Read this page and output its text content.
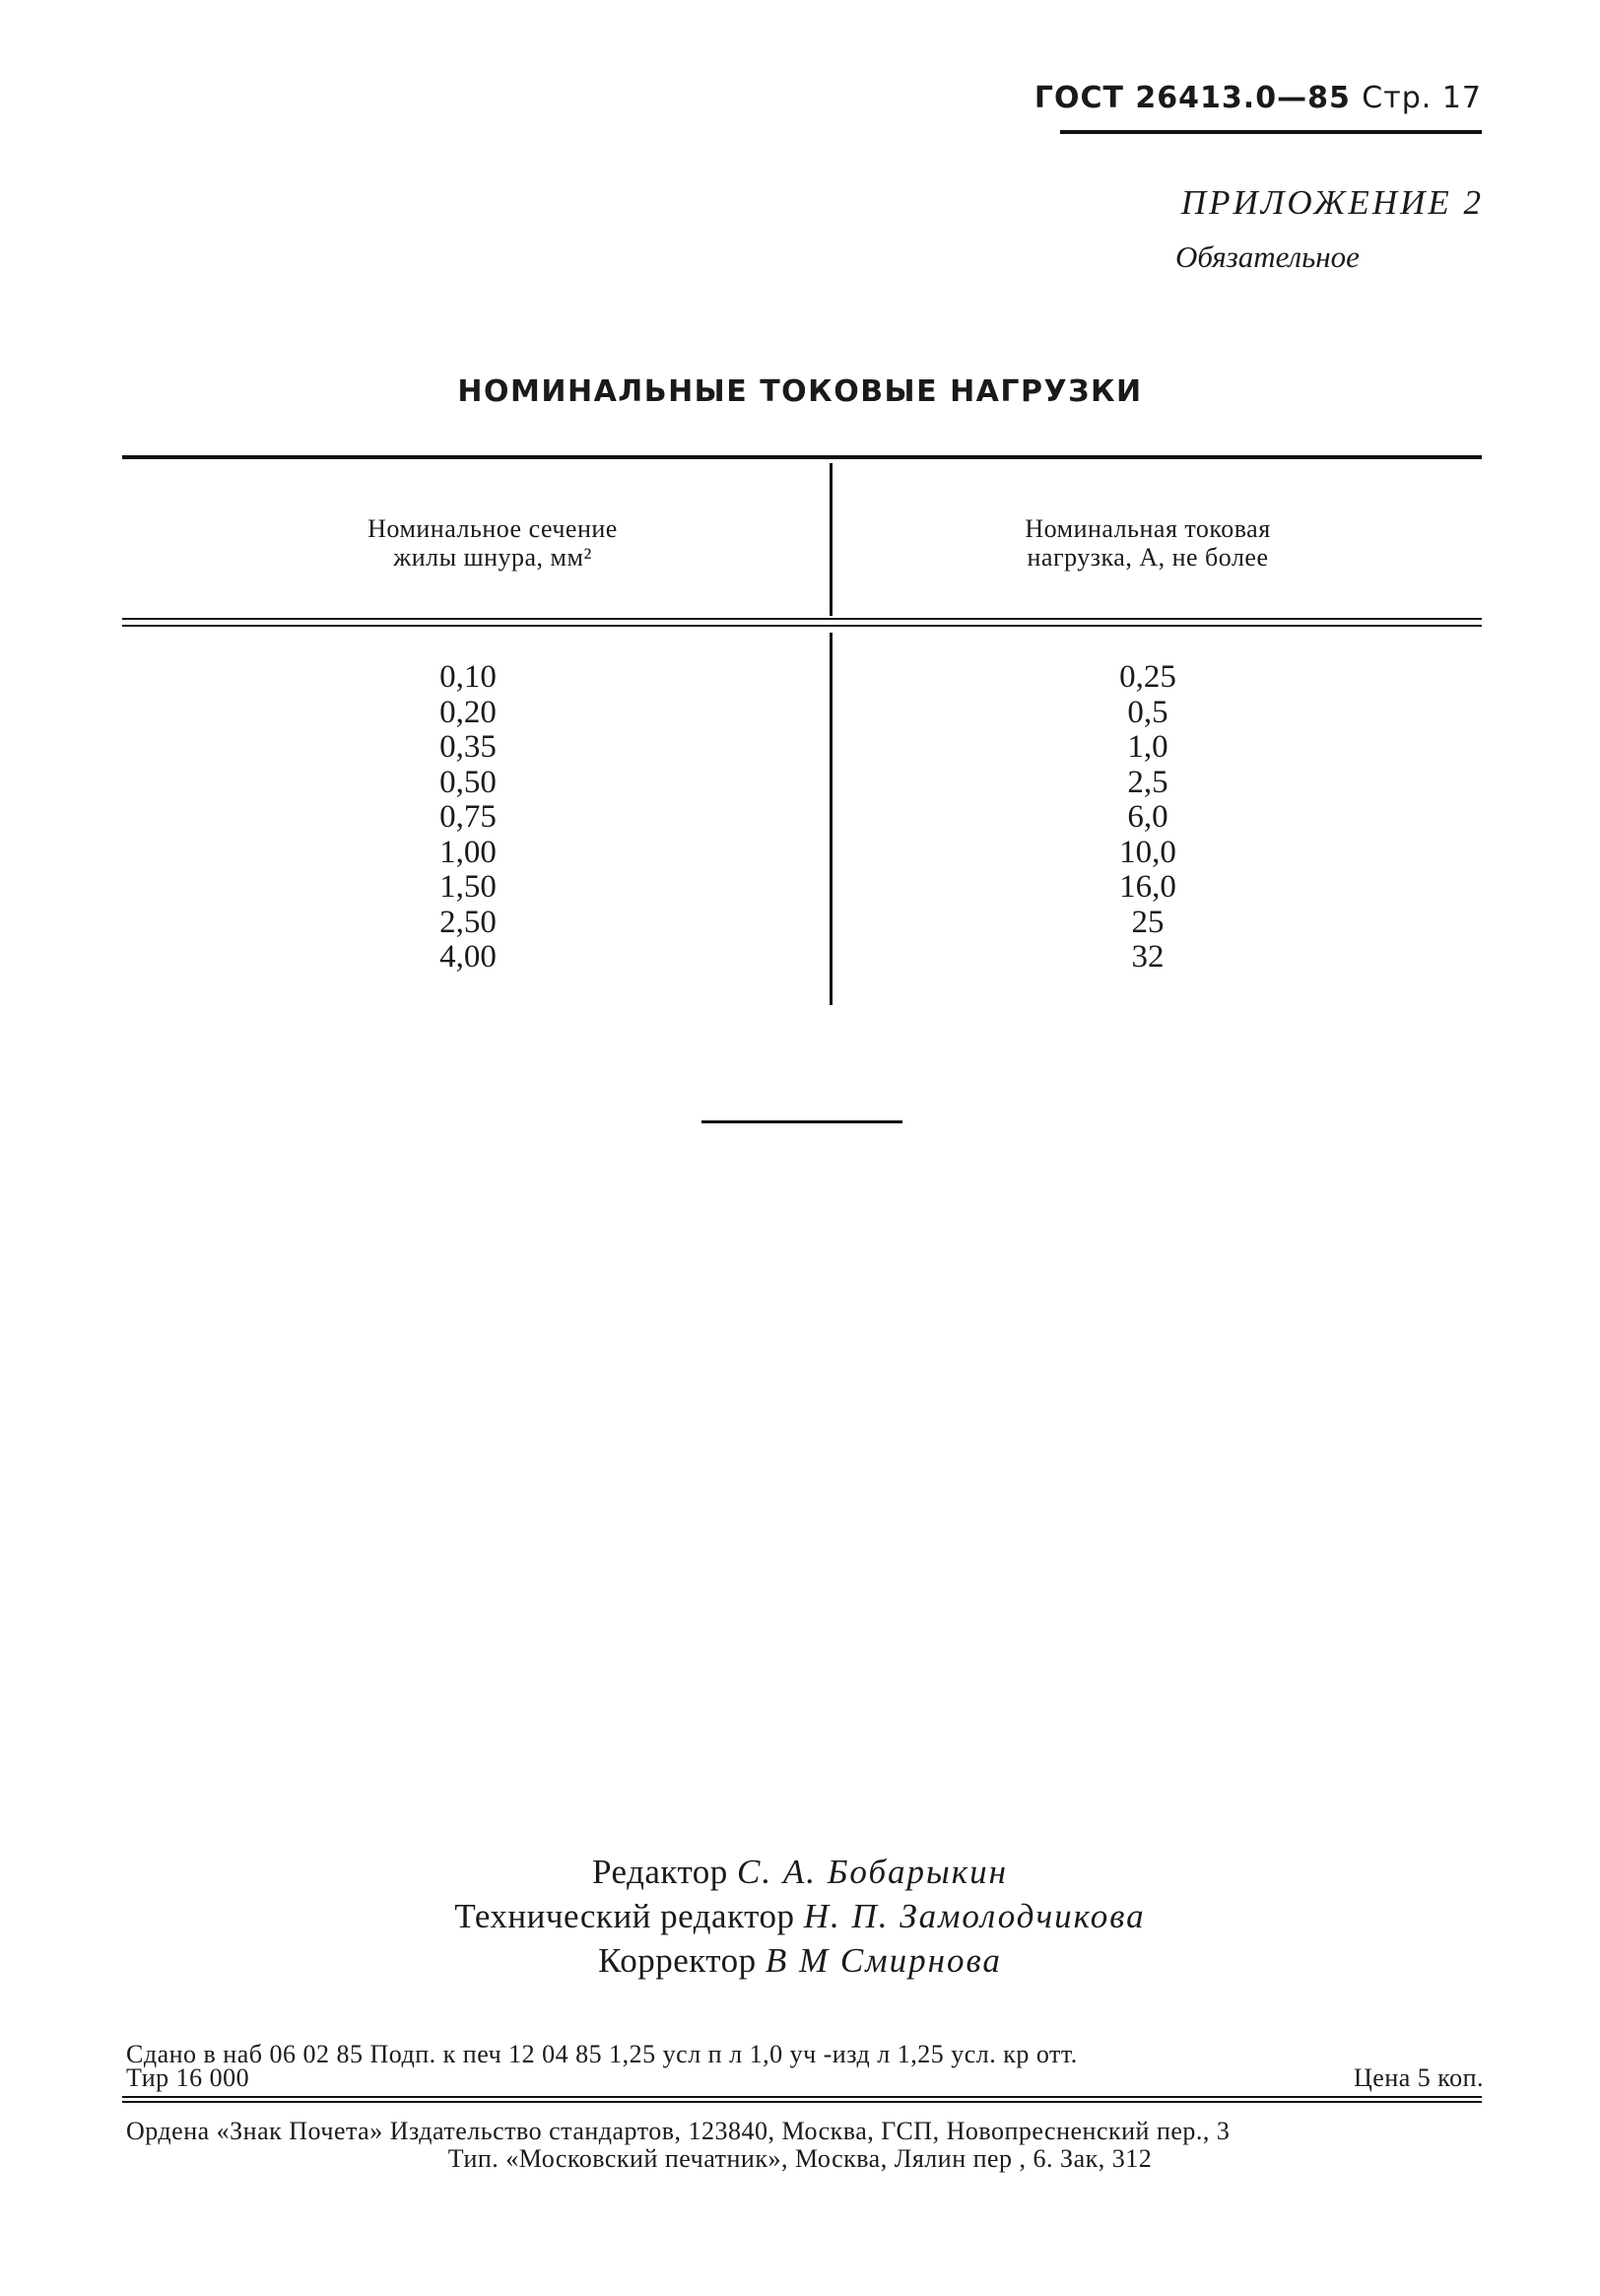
ГОСТ 26413.0—85 Стр. 17
ПРИЛОЖЕНИЕ 2
Обязательное
НОМИНАЛЬНЫЕ ТОКОВЫЕ НАГРУЗКИ
Номинальное сечение
жилы шнура, мм²
Номинальная токовая
нагрузка, А, не более
0,10
0,20
0,35
0,50
0,75
1,00
1,50
2,50
4,00
0,25
0,5
1,0
2,5
6,0
10,0
16,0
25
32
Редактор С. А. Бобарыкин
Технический редактор Н. П. Замолодчикова
Корректор В М Смирнова
Сдано в наб 06 02 85 Подп. к печ 12 04 85 1,25 усл п л 1,0 уч -изд л 1,25 усл. кр отт.
Тир 16 000	Цена 5 коп.
Ордена «Знак Почета» Издательство стандартов, 123840, Москва, ГСП, Новопресненский пер., 3
Тип. «Московский печатник», Москва, Лялин пер , 6. Зак, 312
